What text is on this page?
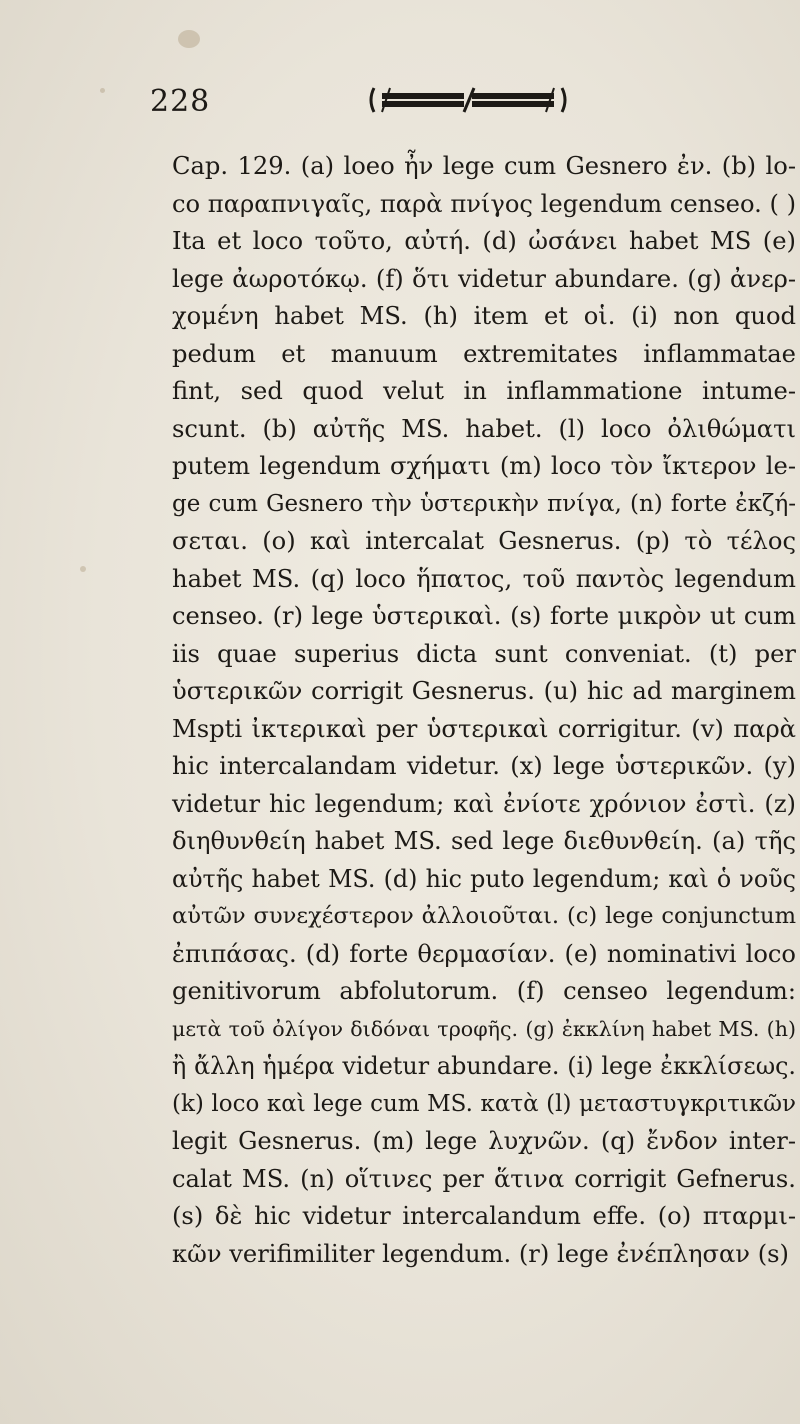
228
Cap. 129. (a) loeo ἦν lege cum Gesnero ἐν. (b) lo-
co παραπνιγαῖς, παρὰ πνίγος legendum censeo. ( )
Ita et loco τοῦτο, αὐτή. (d) ὠσάνει habet MS (e)
lege ἀωροτόκῳ. (f) ὅτι videtur abundare. (g) ἀνερ-
χομένη habet MS. (h) item et οἱ. (i) non quod
pedum et manuum extremitates inflammatae
fint, sed quod velut in inflammatione intume-
scunt. (b) αὐτῆς MS. habet. (l) loco ὀλιθώματι
putem legendum σχήματι (m) loco τὸν ἴκτερον le-
ge cum Gesnero τὴν ὑστερικὴν πνίγα, (n) forte ἐκζή-
σεται. (o) καὶ intercalat Gesnerus. (p) τὸ τέλος
habet MS. (q) loco ἥπατος, τοῦ παντὸς legendum
censeo. (r) lege ὑστερικαὶ. (s) forte μικρὸν ut cum
iis quae superius dicta sunt conveniat. (t) per
ὑστερικῶν corrigit Gesnerus. (u) hic ad marginem
Mspti ἰκτερικαὶ per ὑστερικαὶ corrigitur. (v) παρὰ
hic intercalandam videtur. (x) lege ὑστερικῶν. (y)
videtur hic legendum; καὶ ἐνίοτε χρόνιον ἐστὶ. (z)
διηθυνθείη habet MS. sed lege διεθυνθείη. (a) τῆς
αὐτῆς habet MS. (d) hic puto legendum; καὶ ὁ νοῦς
αὐτῶν συνεχέστερον ἀλλοιοῦται. (c) lege conjunctum
ἐπιπάσας. (d) forte θερμασίαν. (e) nominativi loco
genitivorum abfolutorum. (f) censeo legendum:
μετὰ τοῦ ὀλίγον διδόναι τροφῆς. (g) ἐκκλίνη habet MS. (h)
ἢ ἄλλη ἡμέρα videtur abundare. (i) lege ἐκκλίσεως.
(k) loco καὶ lege cum MS. κατὰ (l) μεταστυγκριτικῶν
legit Gesnerus. (m) lege λυχνῶν. (q) ἔνδον inter-
calat MS. (n) οἵτινες per ἅτινα corrigit Gefnerus.
(s) δὲ hic videtur intercalandum effe. (o) πταρμι-
κῶν verifimiliter legendum. (r) lege ἐνέπλησαν (s)
